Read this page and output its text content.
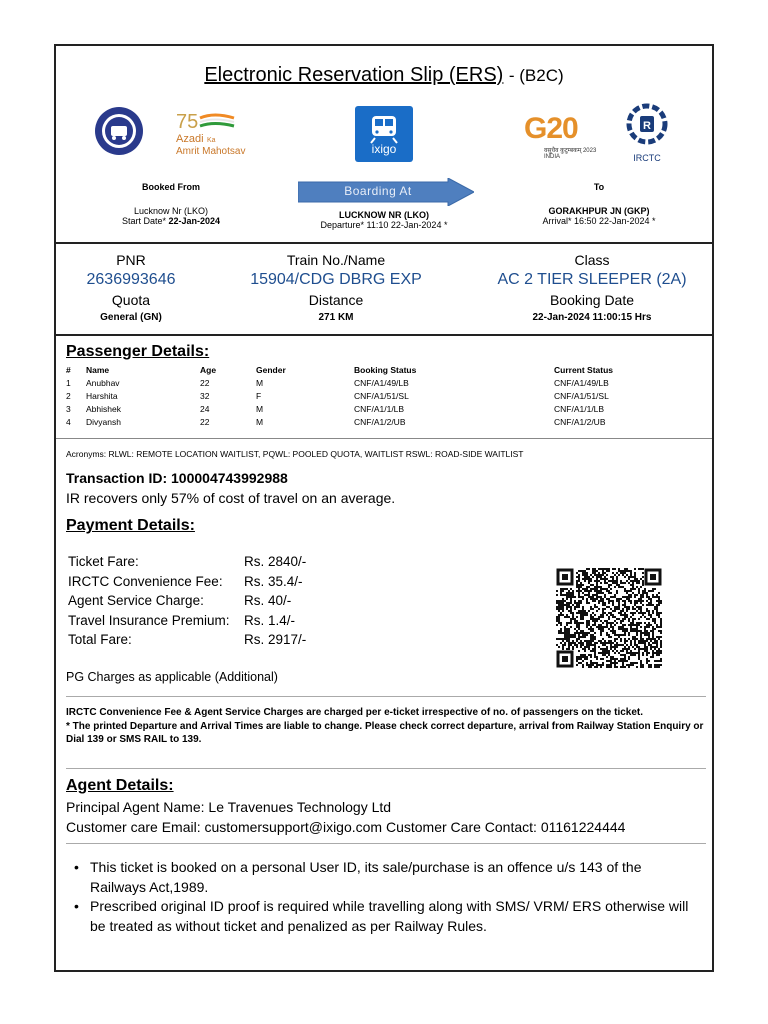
Electronic Reservation Slip (ERS) - (B2C)
75
Azadi Ka
Amrit Mahotsav	ixigo
G20
वसुधैव कुटुम्बकम् 2023 INDIA
R
IRCTC
Booked From
Lucknow Nr (LKO)
Start Date* 22-Jan-2024
Boarding At
LUCKNOW NR (LKO)
Departure* 11:10 22-Jan-2024 *
To
GORAKHPUR JN (GKP)
Arrival* 16:50 22-Jan-2024 *
PNR
2636993646
Train No./Name
15904/CDG DBRG EXP
Class
AC 2 TIER SLEEPER (2A)
Quota
General (GN)
Distance
271 KM
Booking Date
22-Jan-2024 11:00:15 Hrs
Passenger Details:
#	Name	Age	Gender	Booking Status	Current Status
1	Anubhav	22	M	CNF/A1/49/LB	CNF/A1/49/LB
2	Harshita	32	F	CNF/A1/51/SL	CNF/A1/51/SL
3	Abhishek	24	M	CNF/A1/1/LB	CNF/A1/1/LB
4	Divyansh	22	M	CNF/A1/2/UB	CNF/A1/2/UB
Acronyms: RLWL: REMOTE LOCATION WAITLIST, PQWL: POOLED QUOTA, WAITLIST RSWL: ROAD-SIDE WAITLIST
Transaction ID: 100004743992988
IR recovers only 57% of cost of travel on an average.
Payment Details:
Ticket Fare:	Rs. 2840/-
IRCTC Convenience Fee:	Rs. 35.4/-
Agent Service Charge:	Rs. 40/-
Travel Insurance Premium:	Rs. 1.4/-
Total Fare:	Rs. 2917/-
PG Charges as applicable (Additional)
IRCTC Convenience Fee & Agent Service Charges are charged per e-ticket irrespective of no. of passengers on the ticket.
* The printed Departure and Arrival Times are liable to change. Please check correct departure, arrival from Railway Station Enquiry or Dial 139 or SMS RAIL to 139.
Agent Details:
Principal Agent Name: Le Travenues Technology Ltd
Customer care Email: customersupport@ixigo.com Customer Care Contact: 01161224444
• This ticket is booked on a personal User ID, its sale/purchase is an offence u/s 143 of the Railways Act,1989.
• Prescribed original ID proof is required while travelling along with SMS/ VRM/ ERS otherwise will be treated as without ticket and penalized as per Railway Rules.
